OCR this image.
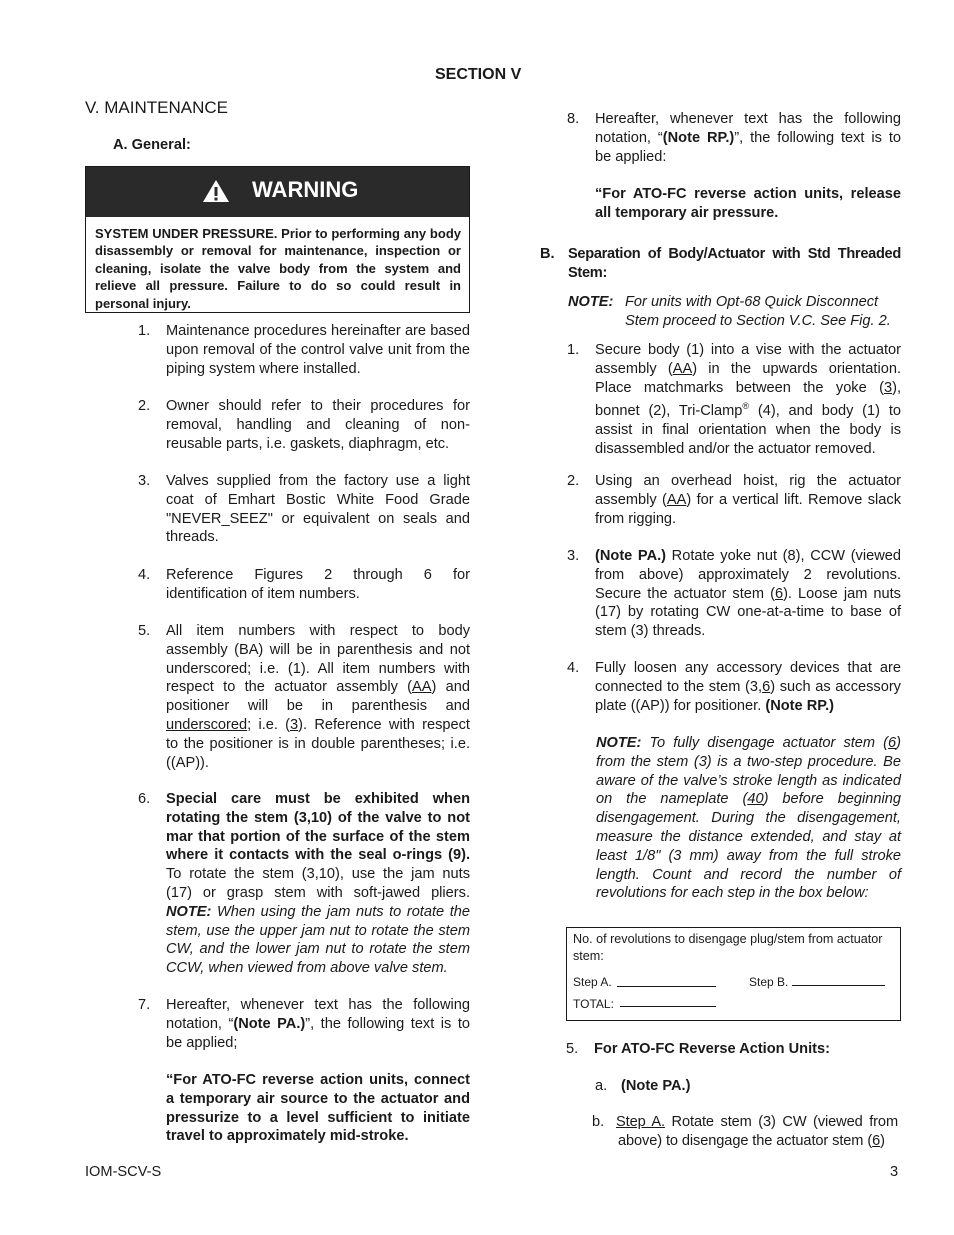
SECTION V
V. MAINTENANCE
A. General:
WARNING
SYSTEM UNDER PRESSURE. Prior to performing any body disassembly or removal for maintenance, inspection or cleaning, isolate the valve body from the system and relieve all pressure. Failure to do so could result in personal injury.
1. Maintenance procedures hereinafter are based upon removal of the control valve unit from the piping system where installed.

2. Owner should refer to their procedures for removal, handling and cleaning of non-reusable parts, i.e. gaskets, diaphragm, etc.

3. Valves supplied from the factory use a light coat of Emhart Bostic White Food Grade "NEVER_SEEZ" or equivalent on seals and threads.

4. Reference Figures 2 through 6 for identification of item numbers.

5. All item numbers with respect to body assembly (BA) will be in parenthesis and not underscored; i.e. (1). All item numbers with respect to the actuator assembly (AA) and positioner will be in parenthesis and underscored; i.e. (3). Reference with respect to the positioner is in double parentheses; i.e. ((AP)).

6. Special care must be exhibited when rotating the stem (3,10) of the valve to not mar that portion of the surface of the stem where it contacts with the seal o-rings (9). To rotate the stem (3,10), use the jam nuts (17) or grasp stem with soft-jawed pliers. NOTE: When using the jam nuts to rotate the stem, use the upper jam nut to rotate the stem CW, and the lower jam nut to rotate the stem CCW, when viewed from above valve stem.

7. Hereafter, whenever text has the following notation, “(Note PA.)”, the following text is to be applied;

“For ATO-FC reverse action units, connect a temporary air source to the actuator and pressurize to a level sufficient to initiate travel to approximately mid-stroke.

8. Hereafter, whenever text has the following notation, “(Note RP.)”, the following text is to be applied:

“For ATO-FC reverse action units, release all temporary air pressure.

B. Separation of Body/Actuator with Std Threaded Stem:

NOTE: For units with Opt-68 Quick Disconnect Stem proceed to Section V.C. See Fig. 2.

1. Secure body (1) into a vise with the actuator assembly (AA) in the upwards orientation. Place matchmarks between the yoke (3), bonnet (2), Tri-Clamp® (4), and body (1) to assist in final orientation when the body is disassembled and/or the actuator removed.

2. Using an overhead hoist, rig the actuator assembly (AA) for a vertical lift. Remove slack from rigging.

3. (Note PA.) Rotate yoke nut (8), CCW (viewed from above) approximately 2 revolutions. Secure the actuator stem (6). Loose jam nuts (17) by rotating CW one-at-a-time to base of stem (3) threads.

4. Fully loosen any accessory devices that are connected to the stem (3,6) such as accessory plate ((AP)) for positioner. (Note RP.)

NOTE: To fully disengage actuator stem (6) from the stem (3) is a two-step procedure. Be aware of the valve’s stroke length as indicated on the nameplate (40) before beginning disengagement. During the disengagement, measure the distance extended, and stay at least 1/8" (3 mm) away from the full stroke length. Count and record the number of revolutions for each step in the box below:

No. of revolutions to disengage plug/stem from actuator stem:
Step A.	Step B.
TOTAL:
5. For ATO-FC Reverse Action Units:

a. (Note PA.)

b. Step A. Rotate stem (3) CW (viewed from above) to disengage the actuator stem (6)

IOM-SCV-S	3
